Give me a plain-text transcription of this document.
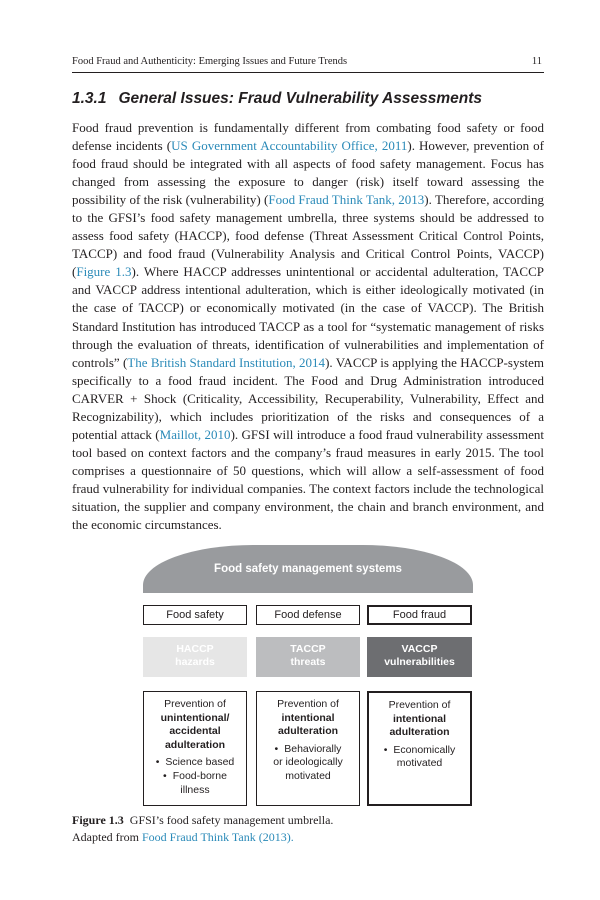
Food Fraud and Authenticity: Emerging Issues and Future Trends	11
1.3.1 General Issues: Fraud Vulnerability Assessments

Food fraud prevention is fundamentally different from combating food safety or food defense incidents (US Government Accountability Office, 2011). However, prevention of food fraud should be integrated with all aspects of food safety management. Focus has changed from assessing the exposure to danger (risk) itself toward assessing the possibility of the risk (vulnerability) (Food Fraud Think Tank, 2013). Therefore, according to the GFSI’s food safety management umbrella, three systems should be addressed to assess food safety (HACCP), food defense (Threat Assessment Critical Control Points, TACCP) and food fraud (Vulnerability Analysis and Critical Control Points, VACCP) (Figure 1.3). Where HACCP addresses unintentional or accidental adulteration, TACCP and VACCP address intentional adulteration, which is either ideologically motivated (in the case of TACCP) or economically motivated (in the case of VACCP). The British Standard Institution has introduced TACCP as a tool for “systematic management of risks through the evaluation of threats, identification of vulnerabilities and implementation of controls” (The British Standard Institution, 2014). VACCP is applying the HACCP-system specifically to a food fraud incident. The Food and Drug Administration introduced CARVER + Shock (Criticality, Accessibility, Recuperability, Vulnerability, Effect and Recognizability), which includes prioritization of the risks and consequences of a potential attack (Maillot, 2010). GFSI will introduce a food fraud vulnerability assessment tool based on context factors and the company’s fraud measures in early 2015. The tool comprises a questionnaire of 50 questions, which will allow a self-assessment of food fraud vulnerability for individual companies. The context factors include the technological situation, the supplier and company environment, the chain and branch environment, and the economic circumstances.

Food safety management systems
Food safety	Food defense	Food fraud
HACCP
hazards
TACCP
threats
VACCP
vulnerabilities
Prevention of
unintentional/
accidental
adulteration
• Science based
• Food-borne
illness
Prevention of
intentional
adulteration
• Behaviorally
or ideologically
motivated
Prevention of
intentional
adulteration
• Economically
motivated
Figure 1.3 GFSI’s food safety management umbrella.
Adapted from Food Fraud Think Tank (2013).
